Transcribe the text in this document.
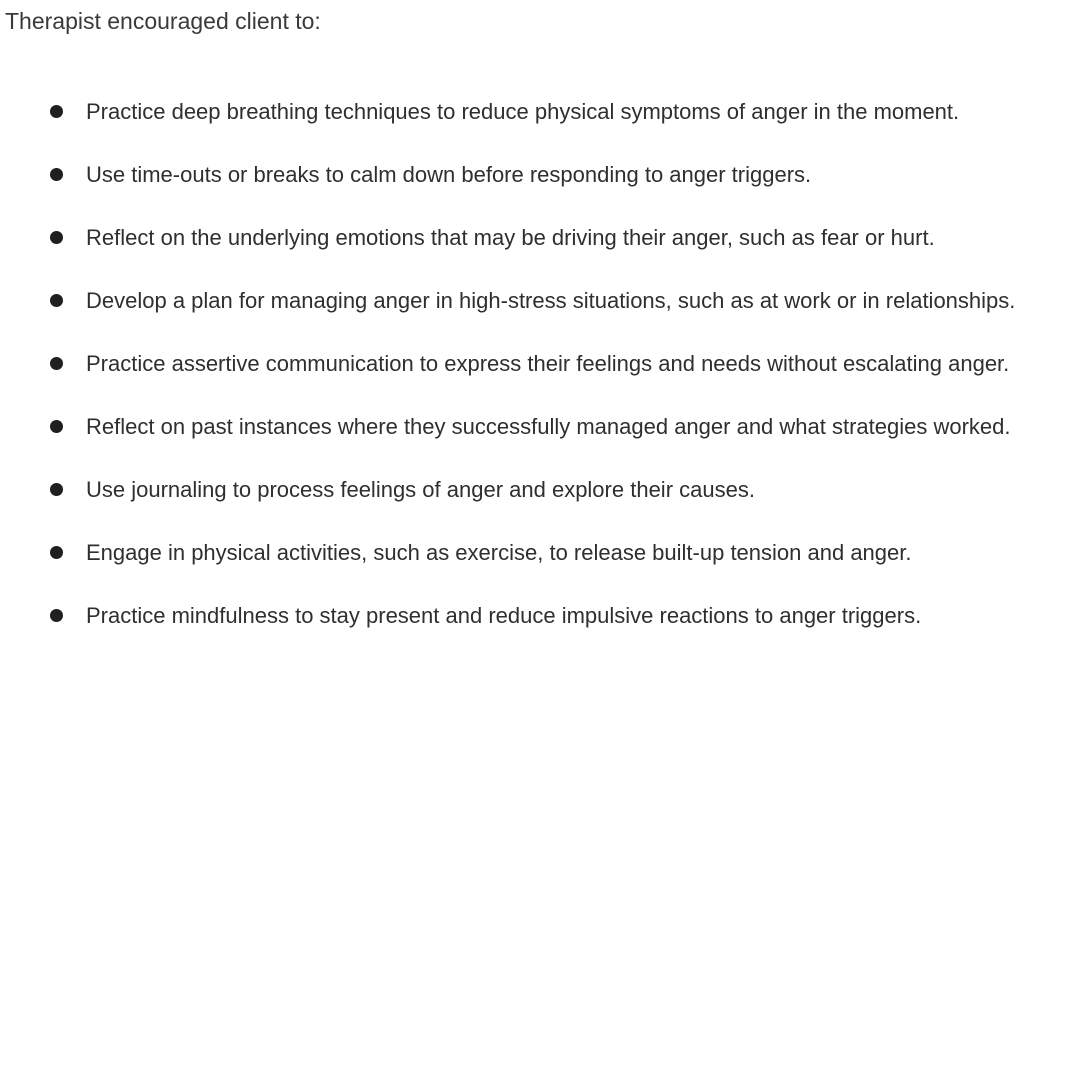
Therapist encouraged client to:

Practice deep breathing techniques to reduce physical symptoms of anger in the moment.
Use time-outs or breaks to calm down before responding to anger triggers.
Reflect on the underlying emotions that may be driving their anger, such as fear or hurt.
Develop a plan for managing anger in high-stress situations, such as at work or in relationships.
Practice assertive communication to express their feelings and needs without escalating anger.
Reflect on past instances where they successfully managed anger and what strategies worked.
Use journaling to process feelings of anger and explore their causes.
Engage in physical activities, such as exercise, to release built-up tension and anger.
Practice mindfulness to stay present and reduce impulsive reactions to anger triggers.
